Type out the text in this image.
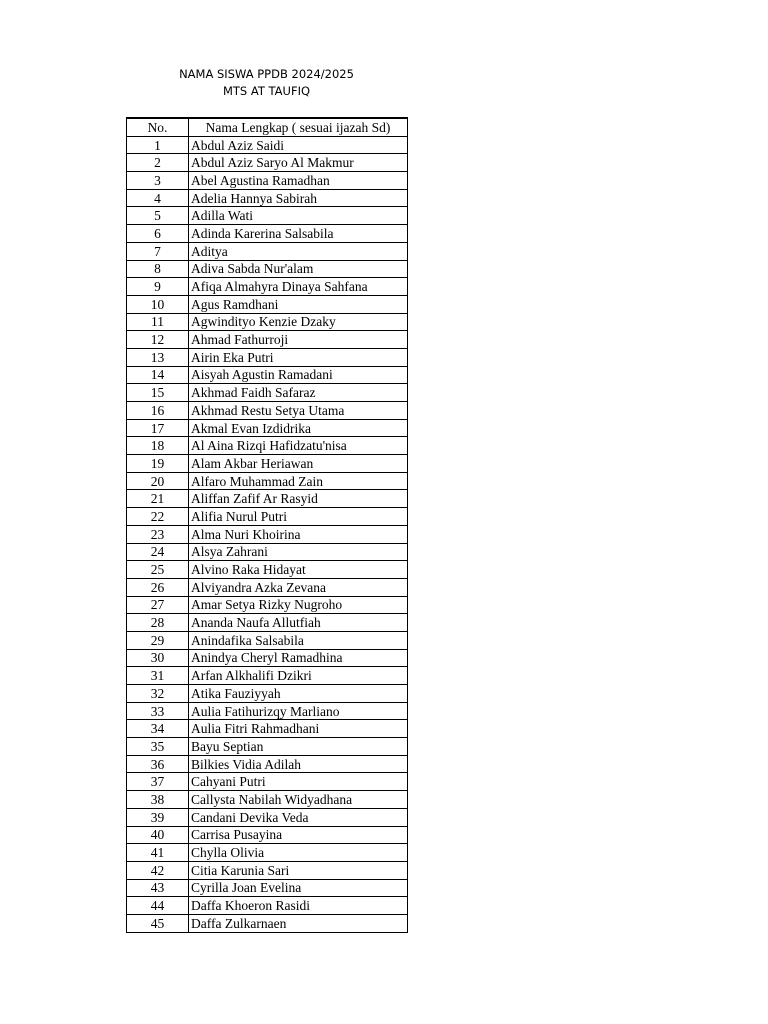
NAMA SISWA PPDB 2024/2025
MTS AT TAUFIQ
No.	Nama Lengkap ( sesuai ijazah Sd)
1	Abdul Aziz Saidi
2	Abdul Aziz Saryo Al Makmur
3	Abel Agustina Ramadhan
4	Adelia Hannya Sabirah
5	Adilla Wati
6	Adinda Karerina Salsabila
7	Aditya
8	Adiva Sabda Nur'alam
9	Afiqa Almahyra Dinaya Sahfana
10	Agus Ramdhani
11	Agwindityo Kenzie Dzaky
12	Ahmad Fathurroji
13	Airin Eka Putri
14	Aisyah Agustin Ramadani
15	Akhmad Faidh Safaraz
16	Akhmad Restu Setya Utama
17	Akmal Evan Izdidrika
18	Al Aina Rizqi Hafidzatu'nisa
19	Alam Akbar Heriawan
20	Alfaro Muhammad Zain
21	Aliffan Zafif Ar Rasyid
22	Alifia Nurul Putri
23	Alma Nuri Khoirina
24	Alsya Zahrani
25	Alvino Raka Hidayat
26	Alviyandra Azka Zevana
27	Amar Setya Rizky Nugroho
28	Ananda Naufa Allutfiah
29	Anindafika Salsabila
30	Anindya Cheryl Ramadhina
31	Arfan Alkhalifi Dzikri
32	Atika Fauziyyah
33	Aulia Fatihurizqy Marliano
34	Aulia Fitri Rahmadhani
35	Bayu Septian
36	Bilkies Vidia Adilah
37	Cahyani Putri
38	Callysta Nabilah Widyadhana
39	Candani Devika Veda
40	Carrisa Pusayina
41	Chylla Olivia
42	Citia Karunia Sari
43	Cyrilla Joan Evelina
44	Daffa Khoeron Rasidi
45	Daffa Zulkarnaen
